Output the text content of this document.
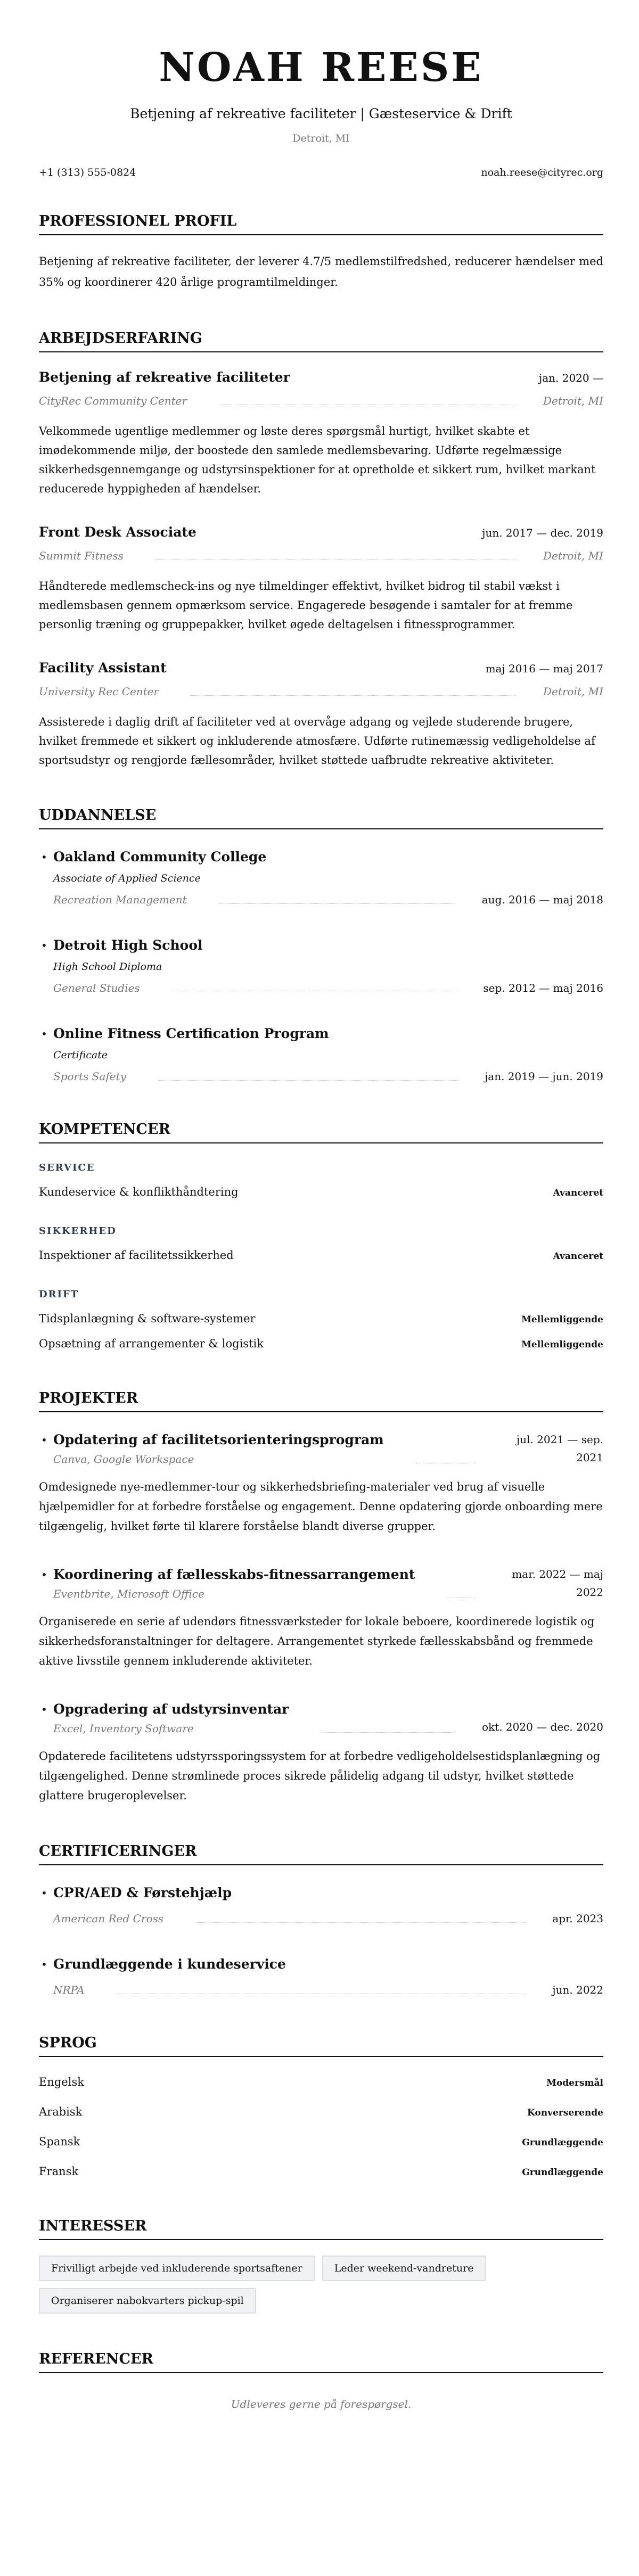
NOAH REESE
Betjening af rekreative faciliteter | Gæsteservice & Drift
Detroit, MI
+1 (313) 555-0824	noah.reese@cityrec.org
PROFESSIONEL PROFIL

Betjening af rekreative faciliteter, der leverer 4.7/5 medlemstilfredshed, reducerer hændelser med 35% og koordinerer 420 årlige programtilmeldinger.

ARBEJDSERFARING
Betjening af rekreative faciliteter	jan. 2020 —
CityRec Community Center	Detroit, MI

Velkommede ugentlige medlemmer og løste deres spørgsmål hurtigt, hvilket skabte et imødekommende miljø, der boostede den samlede medlemsbevaring. Udførte regelmæssige sikkerhedsgennemgange og udstyrsinspektioner for at opretholde et sikkert rum, hvilket markant reducerede hyppigheden af hændelser.

Front Desk Associate	jun. 2017 — dec. 2019
Summit Fitness	Detroit, MI

Håndterede medlemscheck-ins og nye tilmeldinger effektivt, hvilket bidrog til stabil vækst i medlemsbasen gennem opmærksom service. Engagerede besøgende i samtaler for at fremme personlig træning og gruppepakker, hvilket øgede deltagelsen i fitnessprogrammer.

Facility Assistant	maj 2016 — maj 2017
University Rec Center	Detroit, MI

Assisterede i daglig drift af faciliteter ved at overvåge adgang og vejlede studerende brugere, hvilket fremmede et sikkert og inkluderende atmosfære. Udførte rutinemæssig vedligeholdelse af sportsudstyr og rengjorde fællesområder, hvilket støttede uafbrudte rekreative aktiviteter.

UDDANNELSE
• Oakland Community College
Associate of Applied Science
Recreation Management	aug. 2016 — maj 2018
• Detroit High School
High School Diploma
General Studies	sep. 2012 — maj 2016
• Online Fitness Certification Program
Certificate
Sports Safety	jan. 2019 — jun. 2019
KOMPETENCER
SERVICE
Kundeservice & konflikthåndtering	Avanceret
SIKKERHED
Inspektioner af facilitetssikkerhed	Avanceret
DRIFT
Tidsplanlægning & software-systemer	Mellemliggende
Opsætning af arrangementer & logistik	Mellemliggende
PROJEKTER
• Opdatering af facilitetsorienteringsprogram
Canva, Google Workspace
jul. 2021 — sep. 2021

Omdesignede nye-medlemmer-tour og sikkerhedsbriefing-materialer ved brug af visuelle hjælpemidler for at forbedre forståelse og engagement. Denne opdatering gjorde onboarding mere tilgængelig, hvilket førte til klarere forståelse blandt diverse grupper.

• Koordinering af fællesskabs-fitnessarrangement
Eventbrite, Microsoft Office
mar. 2022 — maj 2022

Organiserede en serie af udendørs fitnessværksteder for lokale beboere, koordinerede logistik og sikkerhedsforanstaltninger for deltagere. Arrangementet styrkede fællesskabsbånd og fremmede aktive livsstile gennem inkluderende aktiviteter.

• Opgradering af udstyrsinventar
Excel, Inventory Software	okt. 2020 — dec. 2020

Opdaterede facilitetens udstyrssporingssystem for at forbedre vedligeholdelsestidsplanlægning og tilgængelighed. Denne strømlinede proces sikrede pålidelig adgang til udstyr, hvilket støttede glattere brugeroplevelser.

CERTIFICERINGER
• CPR/AED & Førstehjælp
American Red Cross	apr. 2023
• Grundlæggende i kundeservice
NRPA	jun. 2022
SPROG
Engelsk	Modersmål
Arabisk	Konverserende
Spansk	Grundlæggende
Fransk	Grundlæggende
INTERESSER
Frivilligt arbejde ved inkluderende sportsaftener	Leder weekend-vandreture
Organiserer nabokvarters pickup-spil
REFERENCER
Udleveres gerne på forespørgsel.
